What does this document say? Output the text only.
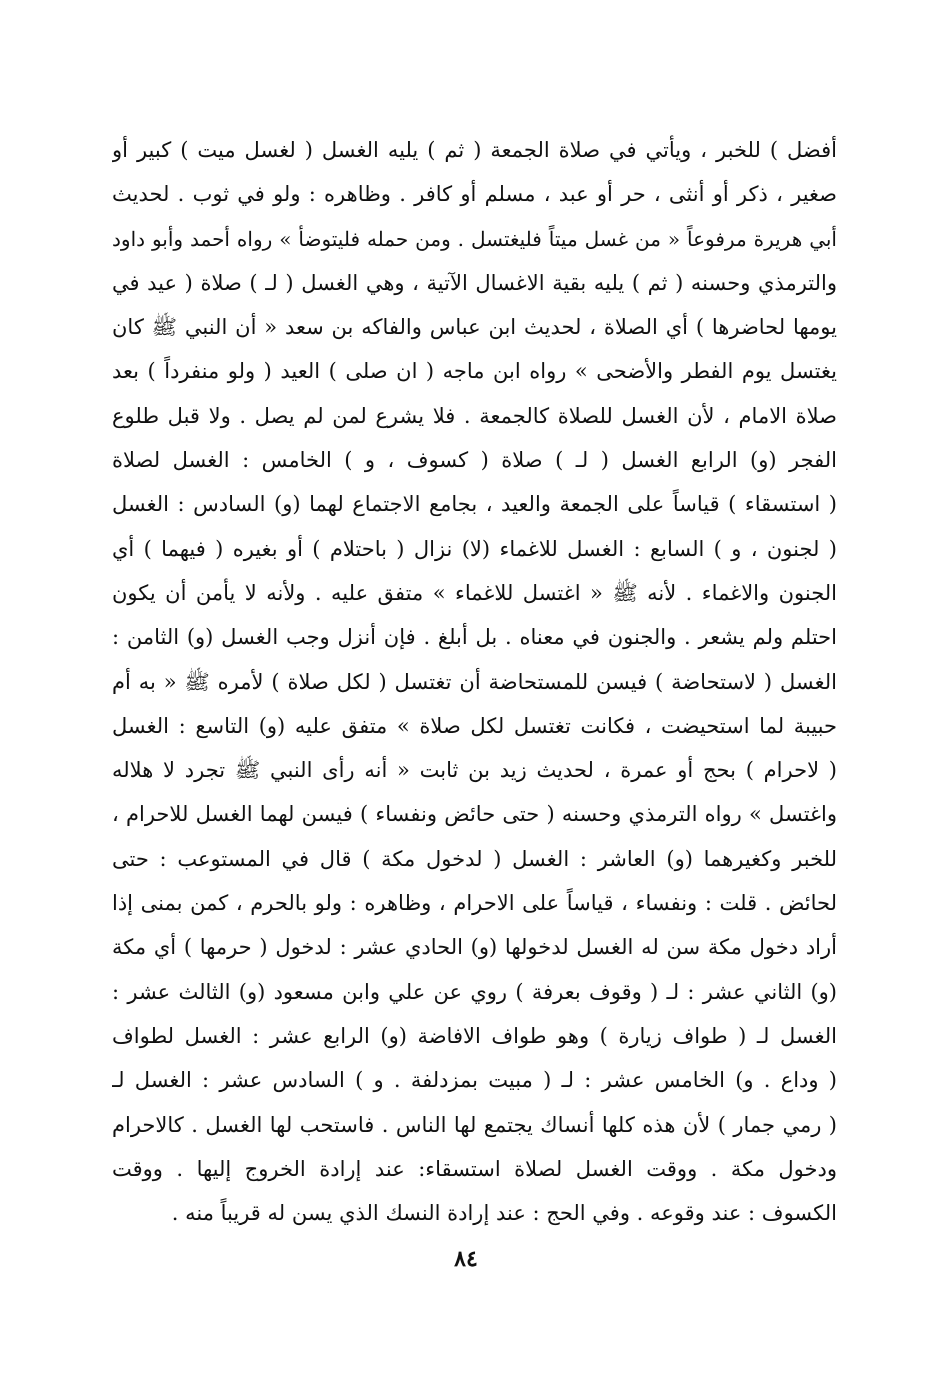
أفضل ) للخبر ، ويأتي في صلاة الجمعة ( ثم ) يليه الغسل ( لغسل ميت ) كبير أو
صغير ، ذكر أو أنثى ، حر أو عبد ، مسلم أو كافر . وظاهره : ولو في ثوب . لحديث
أبي هريرة مرفوعاً « من غسل ميتاً فليغتسل . ومن حمله فليتوضأ » رواه أحمد وأبو داود
والترمذي وحسنه ( ثم ) يليه بقية الاغسال الآتية ، وهي الغسل ( لـ ) صلاة ( عيد في
يومها لحاضرها ) أي الصلاة ، لحديث ابن عباس والفاكه بن سعد « أن النبي ﷺ كان
يغتسل يوم الفطر والأضحى » رواه ابن ماجه ( ان صلى ) العيد ( ولو منفرداً ) بعد
صلاة الامام ، لأن الغسل للصلاة كالجمعة . فلا يشرع لمن لم يصل . ولا قبل طلوع
الفجر (و) الرابع الغسل ( لـ ) صلاة ( كسوف ، و ) الخامس : الغسل لصلاة
( استسقاء ) قياساً على الجمعة والعيد ، بجامع الاجتماع لهما (و) السادس : الغسل
( لجنون ، و ) السابع : الغسل للاغماء (لا) نزال ( باحتلام ) أو بغيره ( فيهما ) أي
الجنون والاغماء . لأنه ﷺ « اغتسل للاغماء » متفق عليه . ولأنه لا يأمن أن يكون
احتلم ولم يشعر . والجنون في معناه . بل أبلغ . فإن أنزل وجب الغسل (و) الثامن :
الغسل ( لاستحاضة ) فيسن للمستحاضة أن تغتسل ( لكل صلاة ) لأمره ﷺ « به أم
حبيبة لما استحيضت ، فكانت تغتسل لكل صلاة » متفق عليه (و) التاسع : الغسل
( لاحرام ) بحج أو عمرة ، لحديث زيد بن ثابت « أنه رأى النبي ﷺ تجرد لا هلاله
واغتسل » رواه الترمذي وحسنه ( حتى حائض ونفساء ) فيسن لهما الغسل للاحرام ،
للخبر وكغيرهما (و) العاشر : الغسل ( لدخول مكة ) قال في المستوعب : حتى
لحائض . قلت : ونفساء ، قياساً على الاحرام ، وظاهره : ولو بالحرم ، كمن بمنى إذا
أراد دخول مكة سن له الغسل لدخولها (و) الحادي عشر : لدخول ( حرمها ) أي مكة
(و) الثاني عشر : لـ ( وقوف بعرفة ) روي عن علي وابن مسعود (و) الثالث عشر :
الغسل لـ ( طواف زيارة ) وهو طواف الافاضة (و) الرابع عشر : الغسل لطواف
( وداع . و) الخامس عشر : لـ ( مبيت بمزدلفة . و ) السادس عشر : الغسل لـ
( رمي جمار ) لأن هذه كلها أنساك يجتمع لها الناس . فاستحب لها الغسل . كالاحرام
ودخول مكة . ووقت الغسل لصلاة استسقاء: عند إرادة الخروج إليها . ووقت
الكسوف : عند وقوعه . وفي الحج : عند إرادة النسك الذي يسن له قريباً منه .
٨٤
